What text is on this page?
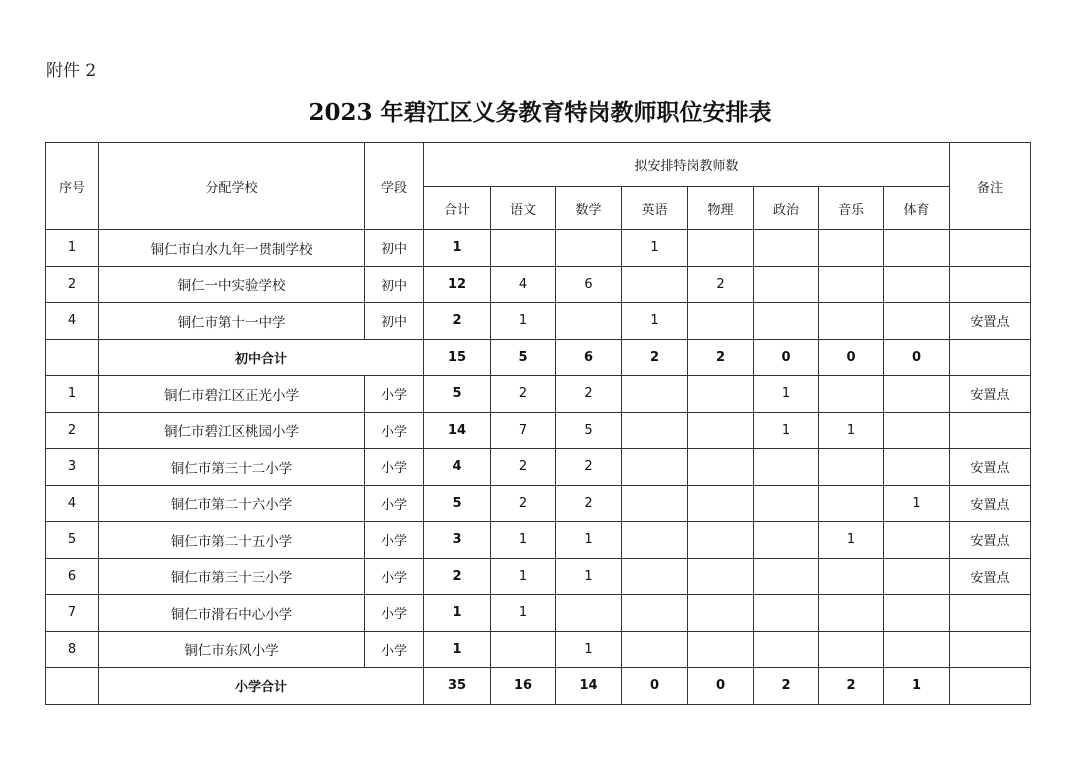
附件 2
2023 年碧江区义务教育特岗教师职位安排表
序号	分配学校	学段	拟安排特岗教师数								备注
			合计	语文	数学	英语	物理	政治	音乐	体育	
1	铜仁市白水九年一贯制学校	初中	1			1					
2	铜仁一中实验学校	初中	12	4	6		2				
4	铜仁市第十一中学	初中	2	1		1					安置点
	初中合计		15	5	6	2	2	0	0	0	
1	铜仁市碧江区正光小学	小学	5	2	2			1			安置点
2	铜仁市碧江区桃园小学	小学	14	7	5			1	1		
3	铜仁市第三十二小学	小学	4	2	2						安置点
4	铜仁市第二十六小学	小学	5	2	2					1	安置点
5	铜仁市第二十五小学	小学	3	1	1				1		安置点
6	铜仁市第三十三小学	小学	2	1	1						安置点
7	铜仁市滑石中心小学	小学	1	1							
8	铜仁市东风小学	小学	1		1						
	小学合计		35	16	14	0	0	2	2	1	
